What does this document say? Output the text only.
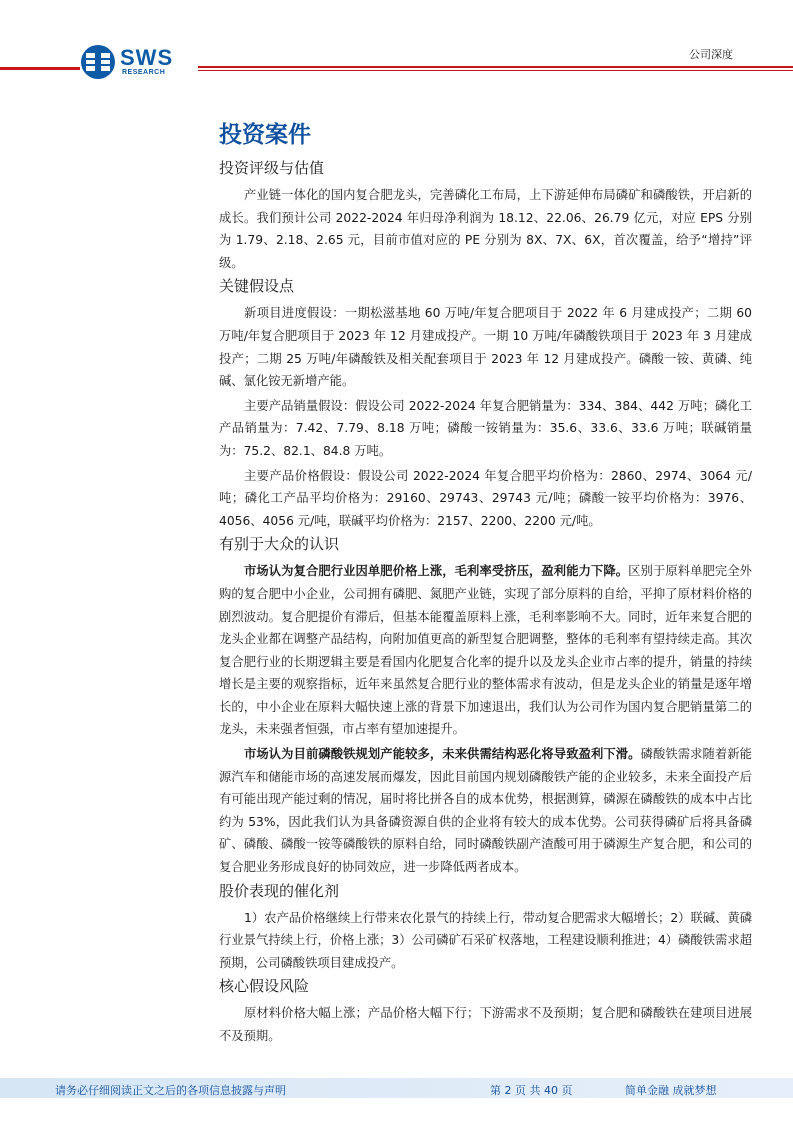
SWS
RESEARCH
公司深度
投资案件
投资评级与估值

产业链一体化的国内复合肥龙头，完善磷化工布局，上下游延伸布局磷矿和磷酸铁，开启新的成长。我们预计公司 2022-2024 年归母净利润为 18.12、22.06、26.79 亿元，对应 EPS 分别为 1.79、2.18、2.65 元，目前市值对应的 PE 分别为 8X、7X、6X，首次覆盖，给予“增持”评级。

关键假设点

新项目进度假设：一期松滋基地 60 万吨/年复合肥项目于 2022 年 6 月建成投产；二期 60 万吨/年复合肥项目于 2023 年 12 月建成投产。一期 10 万吨/年磷酸铁项目于 2023 年 3 月建成投产；二期 25 万吨/年磷酸铁及相关配套项目于 2023 年 12 月建成投产。磷酸一铵、黄磷、纯碱、氯化铵无新增产能。

主要产品销量假设：假设公司 2022-2024 年复合肥销量为：334、384、442 万吨；磷化工产品销量为：7.42、7.79、8.18 万吨；磷酸一铵销量为：35.6、33.6、33.6 万吨；联碱销量为：75.2、82.1、84.8 万吨。

主要产品价格假设：假设公司 2022-2024 年复合肥平均价格为：2860、2974、3064 元/吨；磷化工产品平均价格为：29160、29743、29743 元/吨；磷酸一铵平均价格为：3976、4056、4056 元/吨，联碱平均价格为：2157、2200、2200 元/吨。

有别于大众的认识

市场认为复合肥行业因单肥价格上涨，毛利率受挤压，盈利能力下降。区别于原料单肥完全外购的复合肥中小企业，公司拥有磷肥、氮肥产业链，实现了部分原料的自给，平抑了原材料价格的剧烈波动。复合肥提价有滞后，但基本能覆盖原料上涨，毛利率影响不大。同时，近年来复合肥的龙头企业都在调整产品结构，向附加值更高的新型复合肥调整，整体的毛利率有望持续走高。其次复合肥行业的长期逻辑主要是看国内化肥复合化率的提升以及龙头企业市占率的提升，销量的持续增长是主要的观察指标，近年来虽然复合肥行业的整体需求有波动，但是龙头企业的销量是逐年增长的，中小企业在原料大幅快速上涨的背景下加速退出，我们认为公司作为国内复合肥销量第二的龙头，未来强者恒强，市占率有望加速提升。

市场认为目前磷酸铁规划产能较多，未来供需结构恶化将导致盈利下滑。磷酸铁需求随着新能源汽车和储能市场的高速发展而爆发，因此目前国内规划磷酸铁产能的企业较多，未来全面投产后有可能出现产能过剩的情况，届时将比拼各自的成本优势，根据测算，磷源在磷酸铁的成本中占比约为 53%，因此我们认为具备磷资源自供的企业将有较大的成本优势。公司获得磷矿后将具备磷矿、磷酸、磷酸一铵等磷酸铁的原料自给，同时磷酸铁副产渣酸可用于磷源生产复合肥，和公司的复合肥业务形成良好的协同效应，进一步降低两者成本。

股价表现的催化剂

1）农产品价格继续上行带来农化景气的持续上行，带动复合肥需求大幅增长；2）联碱、黄磷行业景气持续上行，价格上涨；3）公司磷矿石采矿权落地，工程建设顺利推进；4）磷酸铁需求超预期，公司磷酸铁项目建成投产。

核心假设风险

原材料价格大幅上涨；产品价格大幅下行；下游需求不及预期；复合肥和磷酸铁在建项目进展不及预期。

请务必仔细阅读正文之后的各项信息披露与声明	第 2 页 共 40 页	简单金融 成就梦想
